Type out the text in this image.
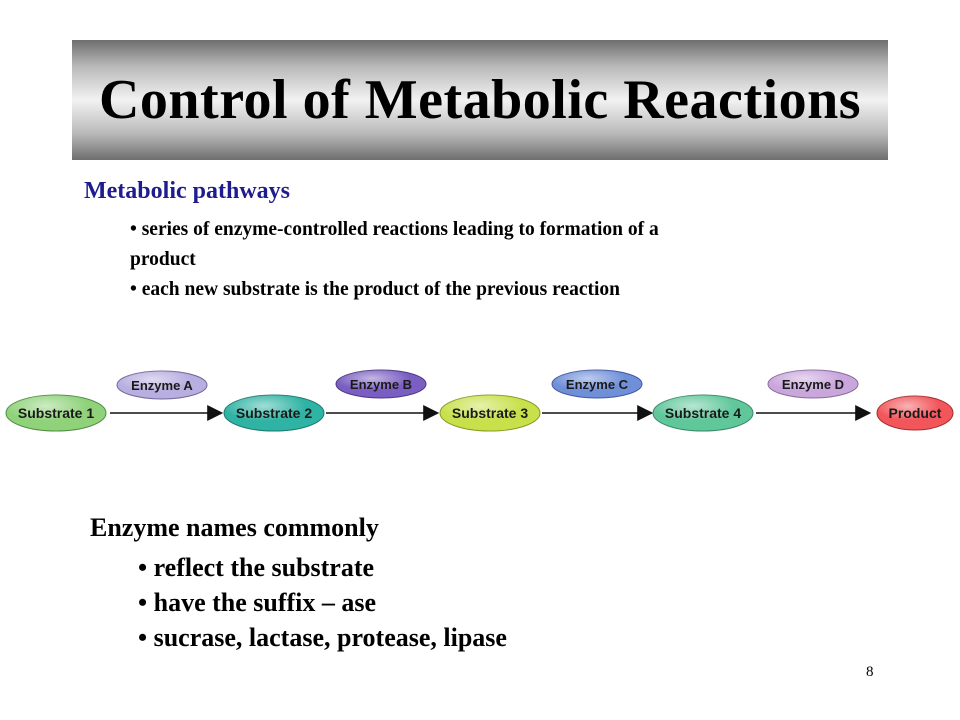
Control of Metabolic Reactions
Metabolic pathways
• series of enzyme-controlled reactions leading to formation of a
product
• each new substrate is the product of the previous reaction
Enzyme A	Enzyme B	Enzyme C	Enzyme D
Substrate 1	Substrate 2	Substrate 3	Substrate 4	Product
Enzyme names commonly
• reflect the substrate
• have the suffix – ase
• sucrase, lactase, protease, lipase
8
